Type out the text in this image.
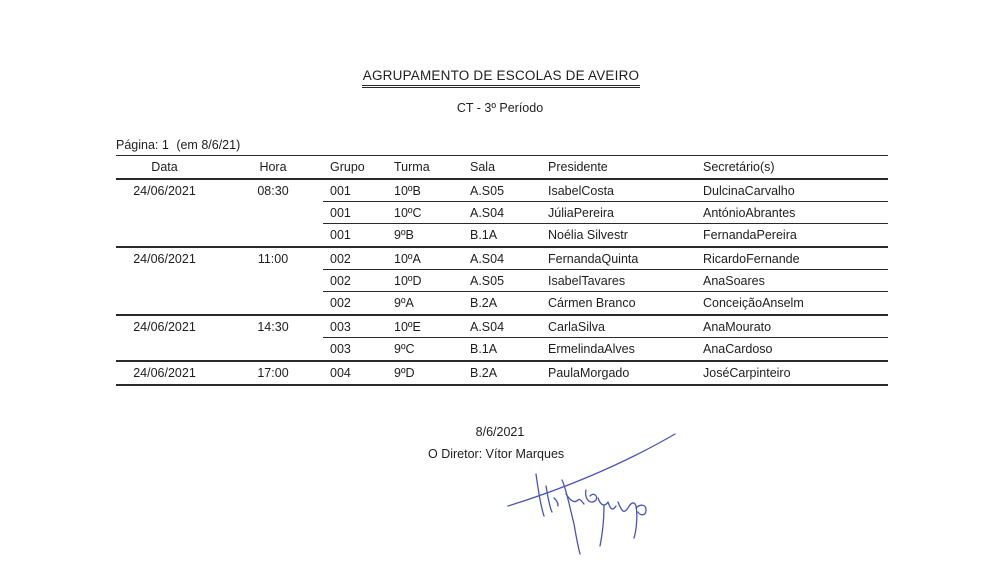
AGRUPAMENTO DE ESCOLAS DE AVEIRO
CT - 3º Período
Página: 1 (em 8/6/21)
Data	Hora	Grupo Turma	Sala	Presidente	Secretário(s)
24/06/2021	08:30	001	10ºB	A.S05	IsabelCosta	DulcinaCarvalho
001	10ºC	A.S04	JúliaPereira	AntónioAbrantes
001	9ºB	B.1A	Noélia Silvestr	FernandaPereira
24/06/2021	11:00	002	10ºA	A.S04	FernandaQuinta	RicardoFernande
002	10ºD	A.S05	IsabelTavares	AnaSoares
002	9ºA	B.2A	Cármen Branco	ConceiçãoAnselm
24/06/2021	14:30	003	10ºE	A.S04	CarlaSilva	AnaMourato
003	9ºC	B.1A	ErmelindaAlves	AnaCardoso
24/06/2021	17:00	004	9ºD	B.2A	PaulaMorgado	JoséCarpinteiro
8/6/2021
O Diretor: Vítor Marques
